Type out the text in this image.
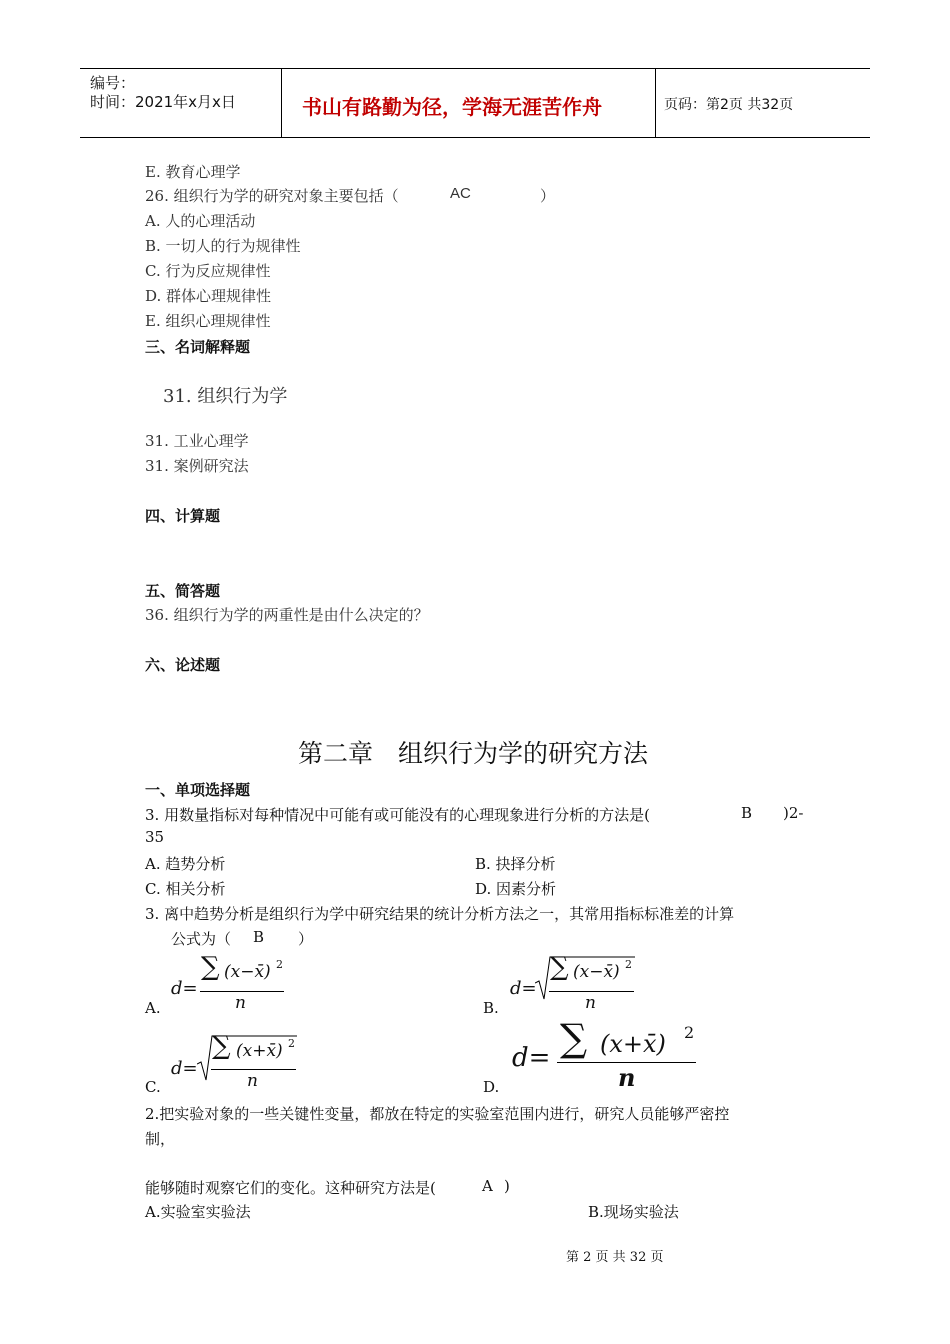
编号：
时间：2021年x月x日	书山有路勤为径，学海无涯苦作舟	页码：第2页 共32页
E. 教育心理学
26. 组织行为学的研究对象主要包括（	AC	）
A. 人的心理活动
B. 一切人的行为规律性
C. 行为反应规律性
D. 群体心理规律性
E. 组织心理规律性
三、名词解释题
31. 组织行为学
31. 工业心理学
31. 案例研究法
四、计算题
五、简答题
36. 组织行为学的两重性是由什么决定的？
六、论述题
第二章　组织行为学的研究方法
一、单项选择题
3. 用数量指标对每种情况中可能有或可能没有的心理现象进行分析的方法是(	B )2-
35
A. 趋势分析	B. 抉择分析
C. 相关分析	D. 因素分析
3. 离中趋势分析是组织行为学中研究结果的统计分析方法之一，其常用指标标准差的计算
公式为（ B ）
A.
d=
∑ (x−x̄) 2
n	B.
d=
∑ (x−x̄) 2
n
C.
d=
∑ (x+x̄) 2
n	D.
d= ∑ (x+x̄) 2
n
2.把实验对象的一些关键性变量，都放在特定的实验室范围内进行，研究人员能够严密控
制，
能够随时观察它们的变化。这种研究方法是(	A )
A.实验室实验法	B.现场实验法
第 2 页 共 32 页
